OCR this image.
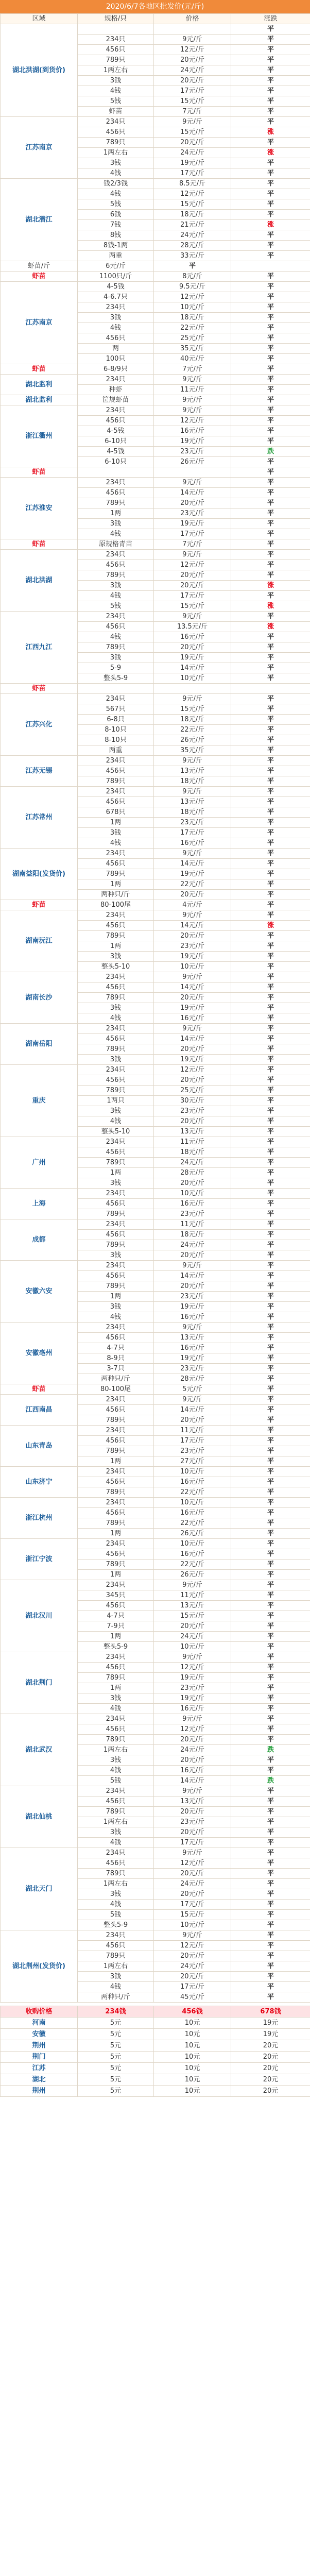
2020/6/7各地区批发价(元/斤)
区域	规格/只	价格	涨跌
湖北洪湖(到货价)			平
	234只	9元/斤	平
	456只	12元/斤	平
	789只	20元/斤	平
	1两左右	24元/斤	平
	3钱	20元/斤	平
	4钱	17元/斤	平
	5钱	15元/斤	平
	虾苗	7元/斤	平
江苏南京	234只	9元/斤	平
	456只	15元/斤	涨
	789只	20元/斤	平
	1两左右	24元/斤	涨
	3钱	19元/斤	平
	4钱	17元/斤	平
湖北潜江	钱2/3钱	8.5元/斤	平
	4钱	12元/斤	平
	5钱	15元/斤	平
	6钱	18元/斤	平
	7钱	21元/斤	涨
	8钱	24元/斤	平
	8钱-1两	28元/斤	平
	两重	33元/斤	平
虾苗/斤	6元/斤	平	
虾苗	1100只/斤	8元/斤	平
江苏南京	4-5钱	9.5元/斤	平
	4-6.7只	12元/斤	平
	234只	10元/斤	平
	3钱	18元/斤	平
	4钱	22元/斤	平
	456只	25元/斤	平
	两	35元/斤	平
	100只	40元/斤	平
虾苗	6-8/9只	7元/斤	平
湖北监利	234只	9元/斤	平
	种虾	11元/斤	平
湖北监利	筐规虾苗	9元/斤	平
浙江衢州	234只	9元/斤	平
	456只	12元/斤	平
	4-5钱	16元/斤	平
	6-10只	19元/斤	平
	4-5钱	23元/斤	跌
	6-10只	26元/斤	平
虾苗			平
江苏淮安	234只	9元/斤	平
	456只	14元/斤	平
	789只	20元/斤	平
	1两	23元/斤	平
	3钱	19元/斤	平
	4钱	17元/斤	平
虾苗	原规格青苗	7元/斤	平
湖北洪湖	234只	9元/斤	平
	456只	12元/斤	平
	789只	20元/斤	平
	3钱	20元/斤	涨
	4钱	17元/斤	平
	5钱	15元/斤	涨
江西九江	234只	9元/斤	平
	456只	13.5元/斤	涨
	4钱	16元/斤	平
	789只	20元/斤	平
	3钱	19元/斤	平
	5-9	14元/斤	平
	整头5-9	10元/斤	平
虾苗			
江苏兴化	234只	9元/斤	平
	567只	15元/斤	平
	6-8只	18元/斤	平
	8-10只	22元/斤	平
	8-10只	26元/斤	平
	两重	35元/斤	平
江苏无锡	234只	9元/斤	平
	456只	13元/斤	平
	789只	18元/斤	平
江苏常州	234只	9元/斤	平
	456只	13元/斤	平
	678只	18元/斤	平
	1两	23元/斤	平
	3钱	17元/斤	平
	4钱	16元/斤	平
湖南益阳(发货价)	234只	9元/斤	平
	456只	14元/斤	平
	789只	19元/斤	平
	1两	22元/斤	平
	两种只/斤	20元/斤	平
虾苗	80-100尾	4元/斤	平
湖南沅江	234只	9元/斤	平
	456只	14元/斤	涨
	789只	20元/斤	平
	1两	23元/斤	平
	3钱	19元/斤	平
	整头5-10	10元/斤	平
湖南长沙	234只	9元/斤	平
	456只	14元/斤	平
	789只	20元/斤	平
	3钱	19元/斤	平
	4钱	16元/斤	平
湖南岳阳	234只	9元/斤	平
	456只	14元/斤	平
	789只	20元/斤	平
	3钱	19元/斤	平
重庆	234只	12元/斤	平
	456只	20元/斤	平
	789只	25元/斤	平
	1两只	30元/斤	平
	3钱	23元/斤	平
	4钱	20元/斤	平
	整头5-10	13元/斤	平
广州	234只	11元/斤	平
	456只	18元/斤	平
	789只	24元/斤	平
	1两	28元/斤	平
	3钱	20元/斤	平
上海	234只	10元/斤	平
	456只	16元/斤	平
	789只	23元/斤	平
成都	234只	11元/斤	平
	456只	18元/斤	平
	789只	24元/斤	平
	3钱	20元/斤	平
安徽六安	234只	9元/斤	平
	456只	14元/斤	平
	789只	20元/斤	平
	1两	23元/斤	平
	3钱	19元/斤	平
	4钱	16元/斤	平
安徽亳州	234只	9元/斤	平
	456只	13元/斤	平
	4-7只	16元/斤	平
	8-9只	19元/斤	平
	3-7只	23元/斤	平
	两种只/斤	28元/斤	平
虾苗	80-100尾	5元/斤	平
江西南昌	234只	9元/斤	平
	456只	14元/斤	平
	789只	20元/斤	平
山东青岛	234只	11元/斤	平
	456只	17元/斤	平
	789只	23元/斤	平
	1两	27元/斤	平
山东济宁	234只	10元/斤	平
	456只	16元/斤	平
	789只	22元/斤	平
浙江杭州	234只	10元/斤	平
	456只	16元/斤	平
	789只	22元/斤	平
	1两	26元/斤	平
浙江宁波	234只	10元/斤	平
	456只	16元/斤	平
	789只	22元/斤	平
	1两	26元/斤	平
湖北汉川	234只	9元/斤	平
	345只	11元/斤	平
	456只	13元/斤	平
	4-7只	15元/斤	平
	7-9只	20元/斤	平
	1两	24元/斤	平
	整头5-9	10元/斤	平
湖北荆门	234只	9元/斤	平
	456只	12元/斤	平
	789只	19元/斤	平
	1两	23元/斤	平
	3钱	19元/斤	平
	4钱	16元/斤	平
湖北武汉	234只	9元/斤	平
	456只	12元/斤	平
	789只	20元/斤	平
	1两左右	24元/斤	跌
	3钱	20元/斤	平
	4钱	16元/斤	平
	5钱	14元/斤	跌
湖北仙桃	234只	9元/斤	平
	456只	13元/斤	平
	789只	20元/斤	平
	1两左右	23元/斤	平
	3钱	20元/斤	平
	4钱	17元/斤	平
湖北天门	234只	9元/斤	平
	456只	12元/斤	平
	789只	20元/斤	平
	1两左右	24元/斤	平
	3钱	20元/斤	平
	4钱	17元/斤	平
	5钱	15元/斤	平
	整头5-9	10元/斤	平
湖北荆州(发货价)	234只	9元/斤	平
	456只	12元/斤	平
	789只	20元/斤	平
	1两左右	24元/斤	平
	3钱	20元/斤	平
	4钱	17元/斤	平
	两种只/斤	45元/斤	平
收购价格	234钱	456钱	678钱
河南	5元	10元	19元
安徽	5元	10元	19元
荆州	5元	10元	20元
荆门	5元	10元	20元
江苏	5元	10元	20元
湖北	5元	10元	20元
荆州	5元	10元	20元
